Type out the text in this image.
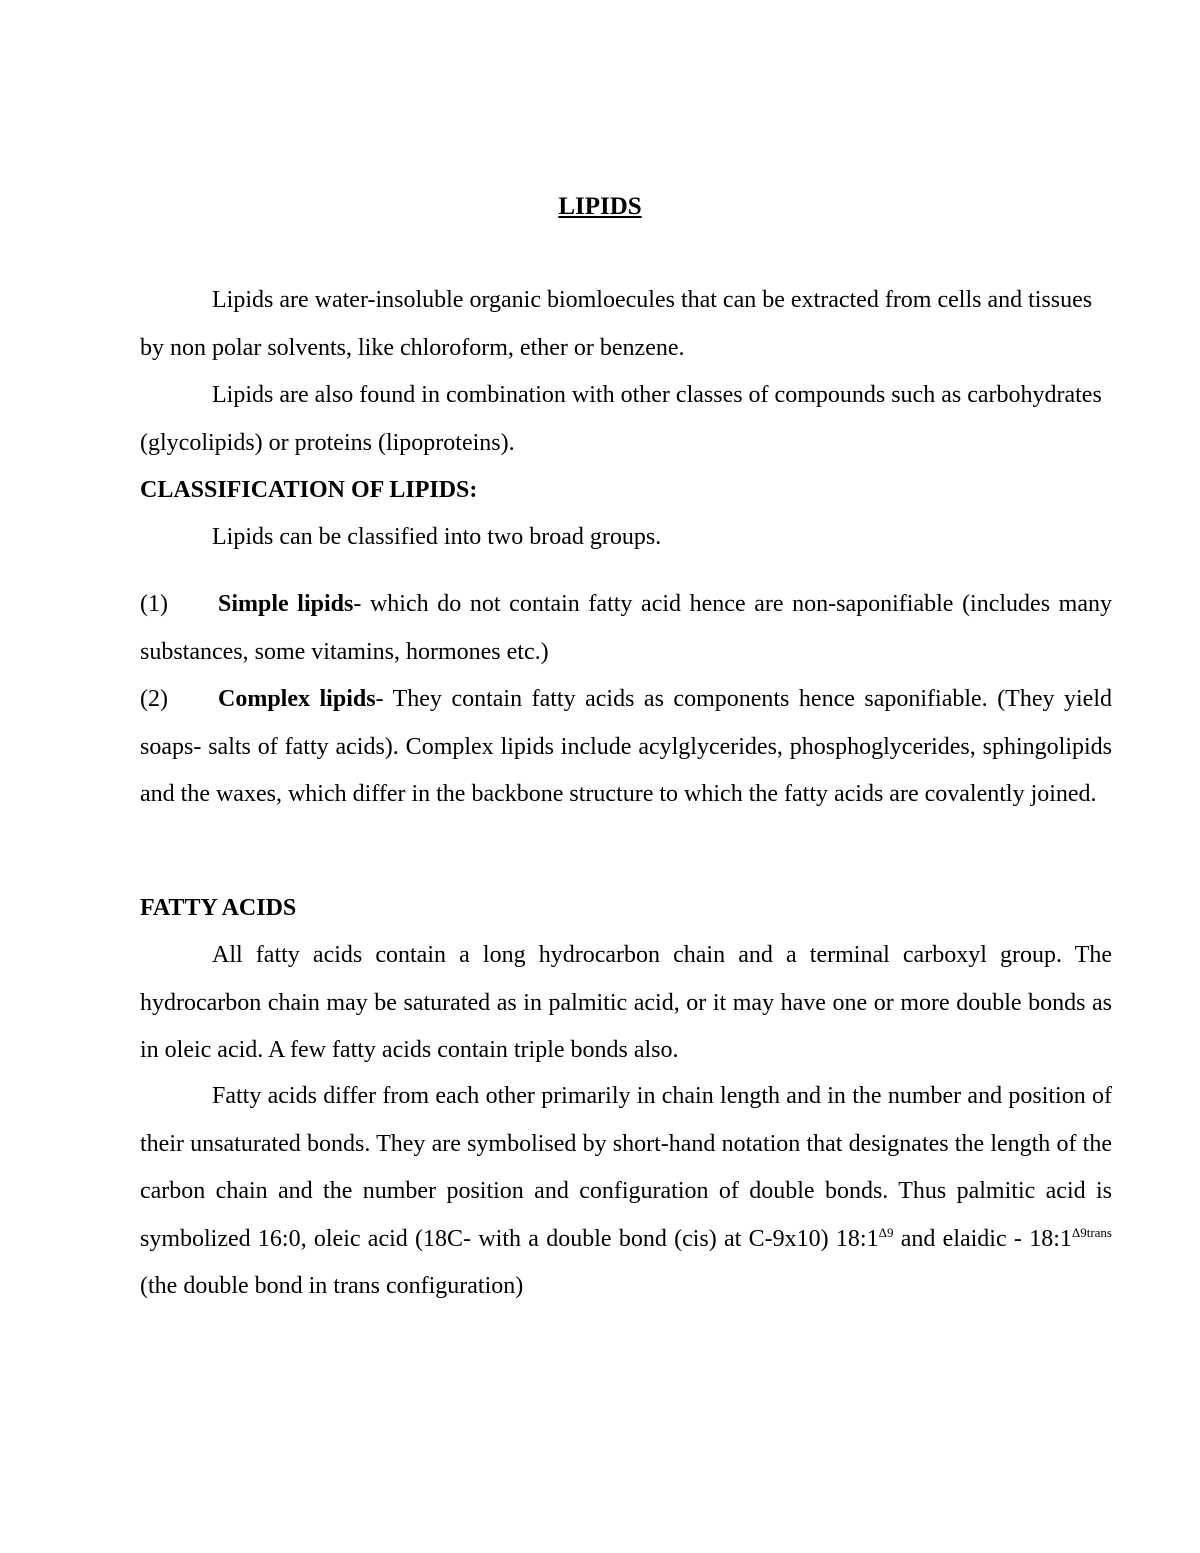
LIPIDS

Lipids are water-insoluble organic biomloecules that can be extracted from cells and tissues by non polar solvents, like chloroform, ether or benzene.

Lipids are also found in combination with other classes of compounds such as carbohydrates (glycolipids) or proteins (lipoproteins).

CLASSIFICATION OF LIPIDS:

Lipids can be classified into two broad groups.

(1) Simple lipids- which do not contain fatty acid hence are non-saponifiable (includes many substances, some vitamins, hormones etc.)

(2) Complex lipids- They contain fatty acids as components hence saponifiable. (They yield soaps- salts of fatty acids). Complex lipids include acylglycerides, phosphoglycerides, sphingolipids and the waxes, which differ in the backbone structure to which the fatty acids are covalently joined.

FATTY ACIDS

All fatty acids contain a long hydrocarbon chain and a terminal carboxyl group. The hydrocarbon chain may be saturated as in palmitic acid, or it may have one or more double bonds as in oleic acid. A few fatty acids contain triple bonds also.

Fatty acids differ from each other primarily in chain length and in the number and position of their unsaturated bonds. They are symbolised by short-hand notation that designates the length of the carbon chain and the number position and configuration of double bonds. Thus palmitic acid is symbolized 16:0, oleic acid (18C- with a double bond (cis) at C-9x10) $18:1^{\Delta 9}$ and elaidic - $18:1^{\Delta 9trans}$ (the double bond in trans configuration)
